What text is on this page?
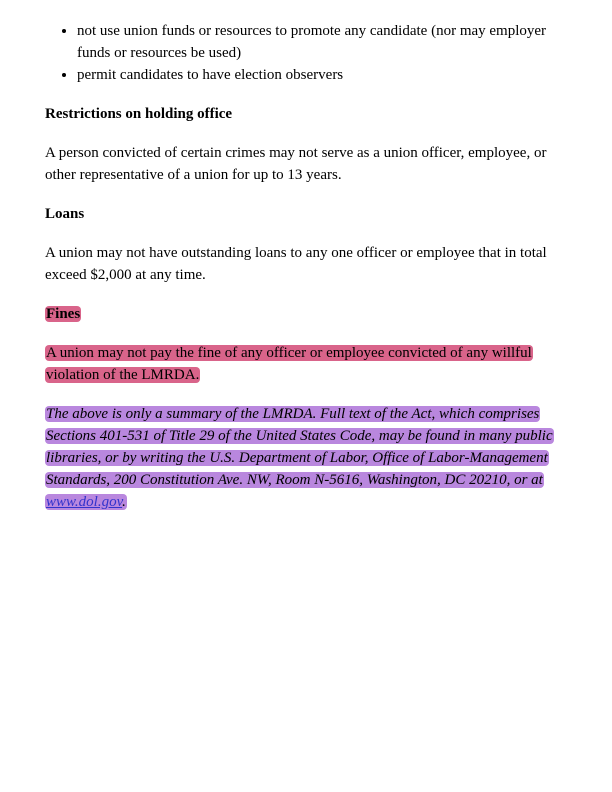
• not use union funds or resources to promote any candidate (nor may employer funds or resources be used)
• permit candidates to have election observers
Restrictions on holding office

A person convicted of certain crimes may not serve as a union officer, employee, or other representative of a union for up to 13 years.

Loans

A union may not have outstanding loans to any one officer or employee that in total exceed $2,000 at any time.

Fines

A union may not pay the fine of any officer or employee convicted of any willful violation of the LMRDA.

The above is only a summary of the LMRDA. Full text of the Act, which comprises Sections 401-531 of Title 29 of the United States Code, may be found in many public libraries, or by writing the U.S. Department of Labor, Office of Labor-Management Standards, 200 Constitution Ave. NW, Room N-5616, Washington, DC 20210, or at www.dol.gov.
